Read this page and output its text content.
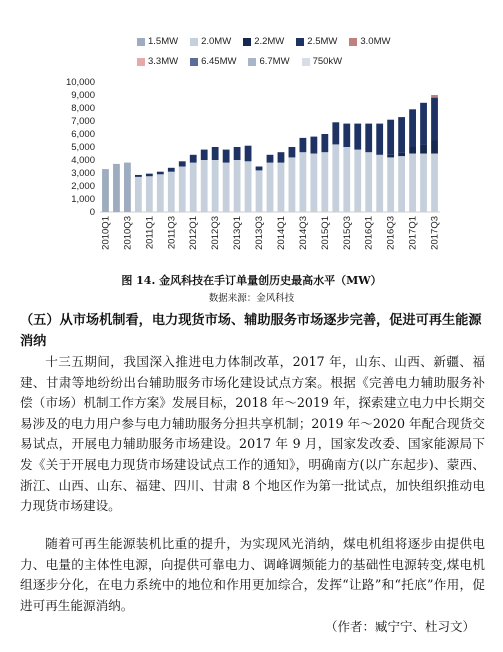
1.5MW 2.0MW 2.2MW 2.5MW 3.0MW
3.3MW 6.45MW 6.7MW 750kW
0
1,000
2,000
3,000
4,000
5,000
6,000
7,000
8,000
9,000
10,000
2010Q1 2010Q3 2011Q1 2011Q3 2012Q1 2012Q3 2013Q1 2013Q3 2014Q1 2014Q3 2015Q1 2015Q3 2016Q1 2016Q3 2017Q1 2017Q3
图 14. 金风科技在手订单量创历史最高水平（MW）
数据来源：金风科技
（五）从市场机制看，电力现货市场、辅助服务市场逐步完善，促进可再生能源消纳
十三五期间，我国深入推进电力体制改革，2017 年，山东、山西、新疆、福建、甘肃等地纷纷出台辅助服务市场化建设试点方案。根据《完善电力辅助服务补偿（市场）机制工作方案》发展目标，2018 年～2019 年，探索建立电力中长期交易涉及的电力用户参与电力辅助服务分担共享机制；2019 年～2020 年配合现货交易试点，开展电力辅助服务市场建设。2017 年 9 月，国家发改委、国家能源局下发《关于开展电力现货市场建设试点工作的通知》，明确南方(以广东起步)、蒙西、浙江、山西、山东、福建、四川、甘肃 8 个地区作为第一批试点，加快组织推动电力现货市场建设。
随着可再生能源装机比重的提升，为实现风光消纳，煤电机组将逐步由提供电力、电量的主体性电源，向提供可靠电力、调峰调频能力的基础性电源转变,煤电机组逐步分化，在电力系统中的地位和作用更加综合，发挥“让路”和“托底”作用，促进可再生能源消纳。
（作者：臧宁宁、杜习文）
